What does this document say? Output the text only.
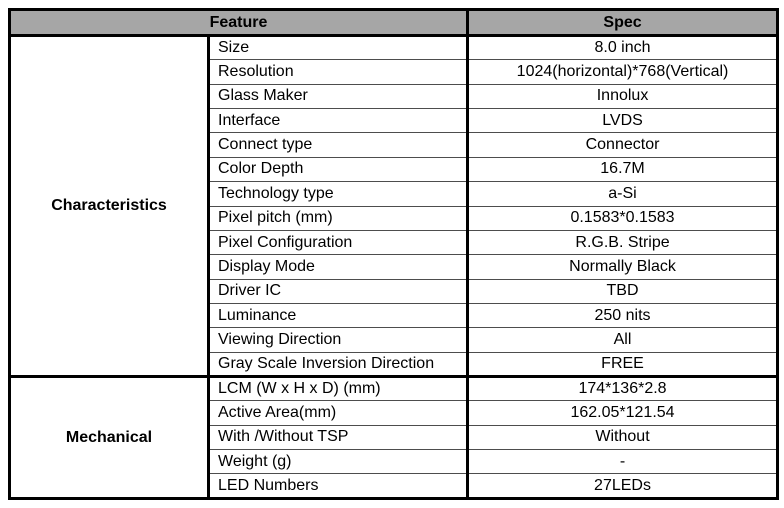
Feature		Spec
Characteristics	Size	8.0 inch
	Resolution	1024(horizontal)*768(Vertical)
	Glass Maker	Innolux
	Interface	LVDS
	Connect type	Connector
	Color Depth	16.7M
	Technology type	a-Si
	Pixel pitch (mm)	0.1583*0.1583
	Pixel Configuration	R.G.B. Stripe
	Display Mode	Normally Black
	Driver IC	TBD
	Luminance	250 nits
	Viewing Direction	All
	Gray Scale Inversion Direction	FREE
Mechanical	LCM (W x H x D) (mm)	174*136*2.8
	Active Area(mm)	162.05*121.54
	With /Without TSP	Without
	Weight (g)	-
	LED Numbers	27LEDs
